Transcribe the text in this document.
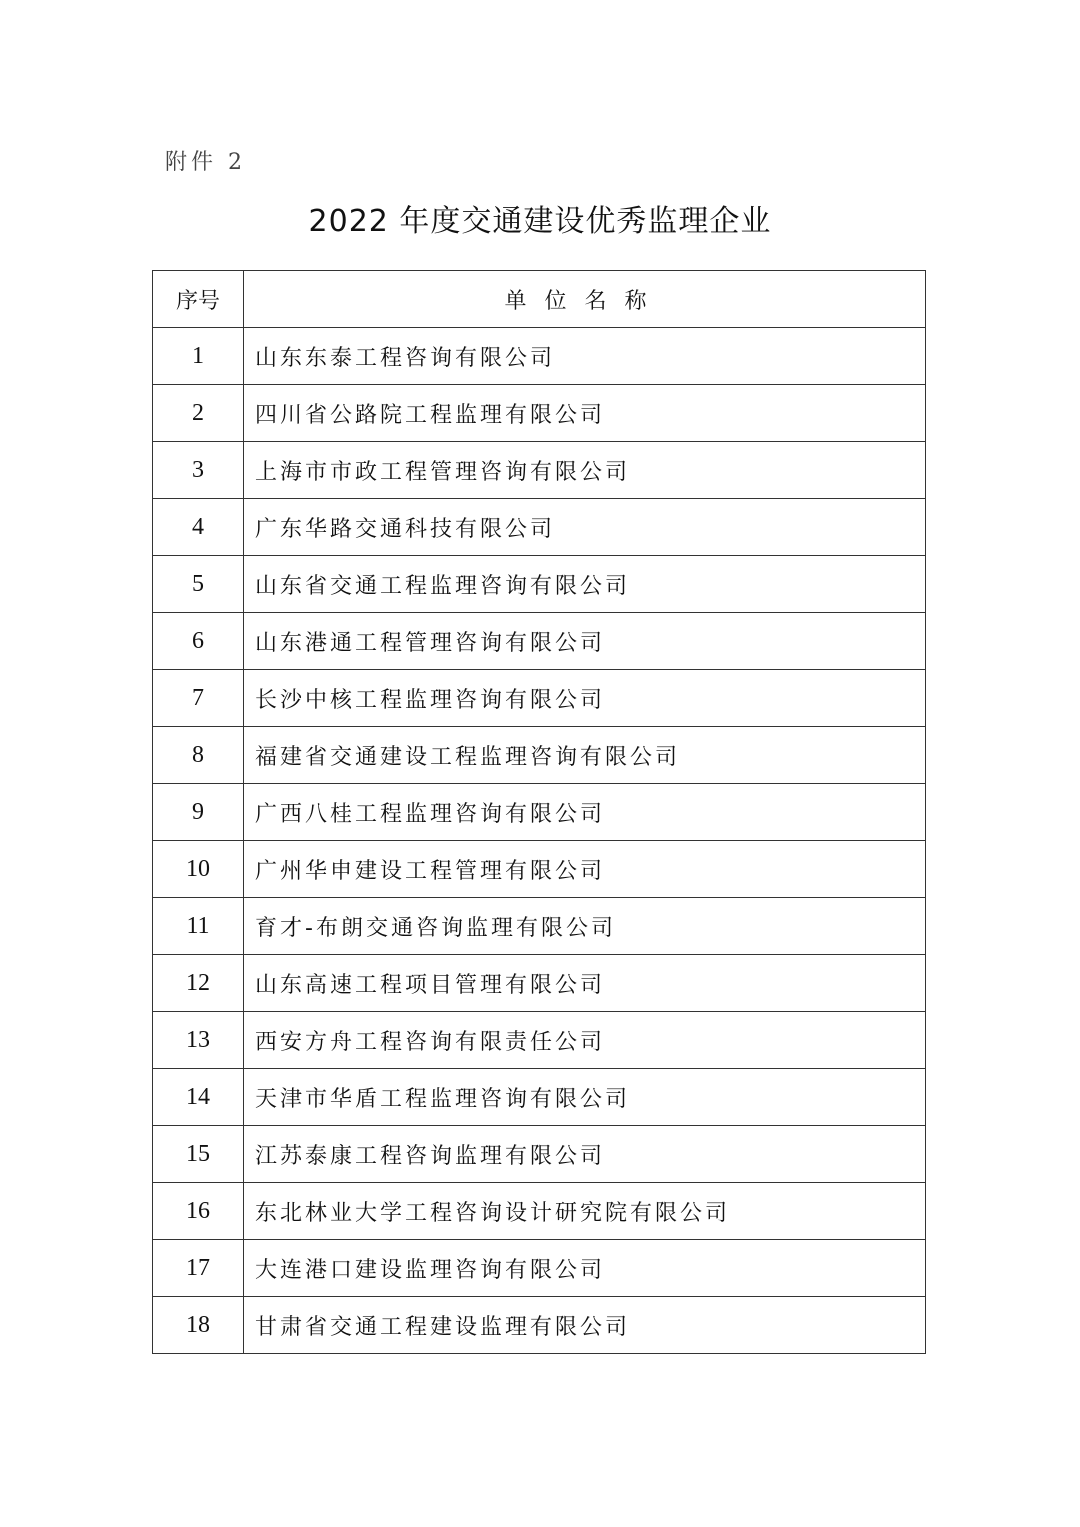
附件 2
2022 年度交通建设优秀监理企业
序号	单位名称
1	山东东泰工程咨询有限公司
2	四川省公路院工程监理有限公司
3	上海市市政工程管理咨询有限公司
4	广东华路交通科技有限公司
5	山东省交通工程监理咨询有限公司
6	山东港通工程管理咨询有限公司
7	长沙中核工程监理咨询有限公司
8	福建省交通建设工程监理咨询有限公司
9	广西八桂工程监理咨询有限公司
10	广州华申建设工程管理有限公司
11	育才-布朗交通咨询监理有限公司
12	山东高速工程项目管理有限公司
13	西安方舟工程咨询有限责任公司
14	天津市华盾工程监理咨询有限公司
15	江苏泰康工程咨询监理有限公司
16	东北林业大学工程咨询设计研究院有限公司
17	大连港口建设监理咨询有限公司
18	甘肃省交通工程建设监理有限公司
